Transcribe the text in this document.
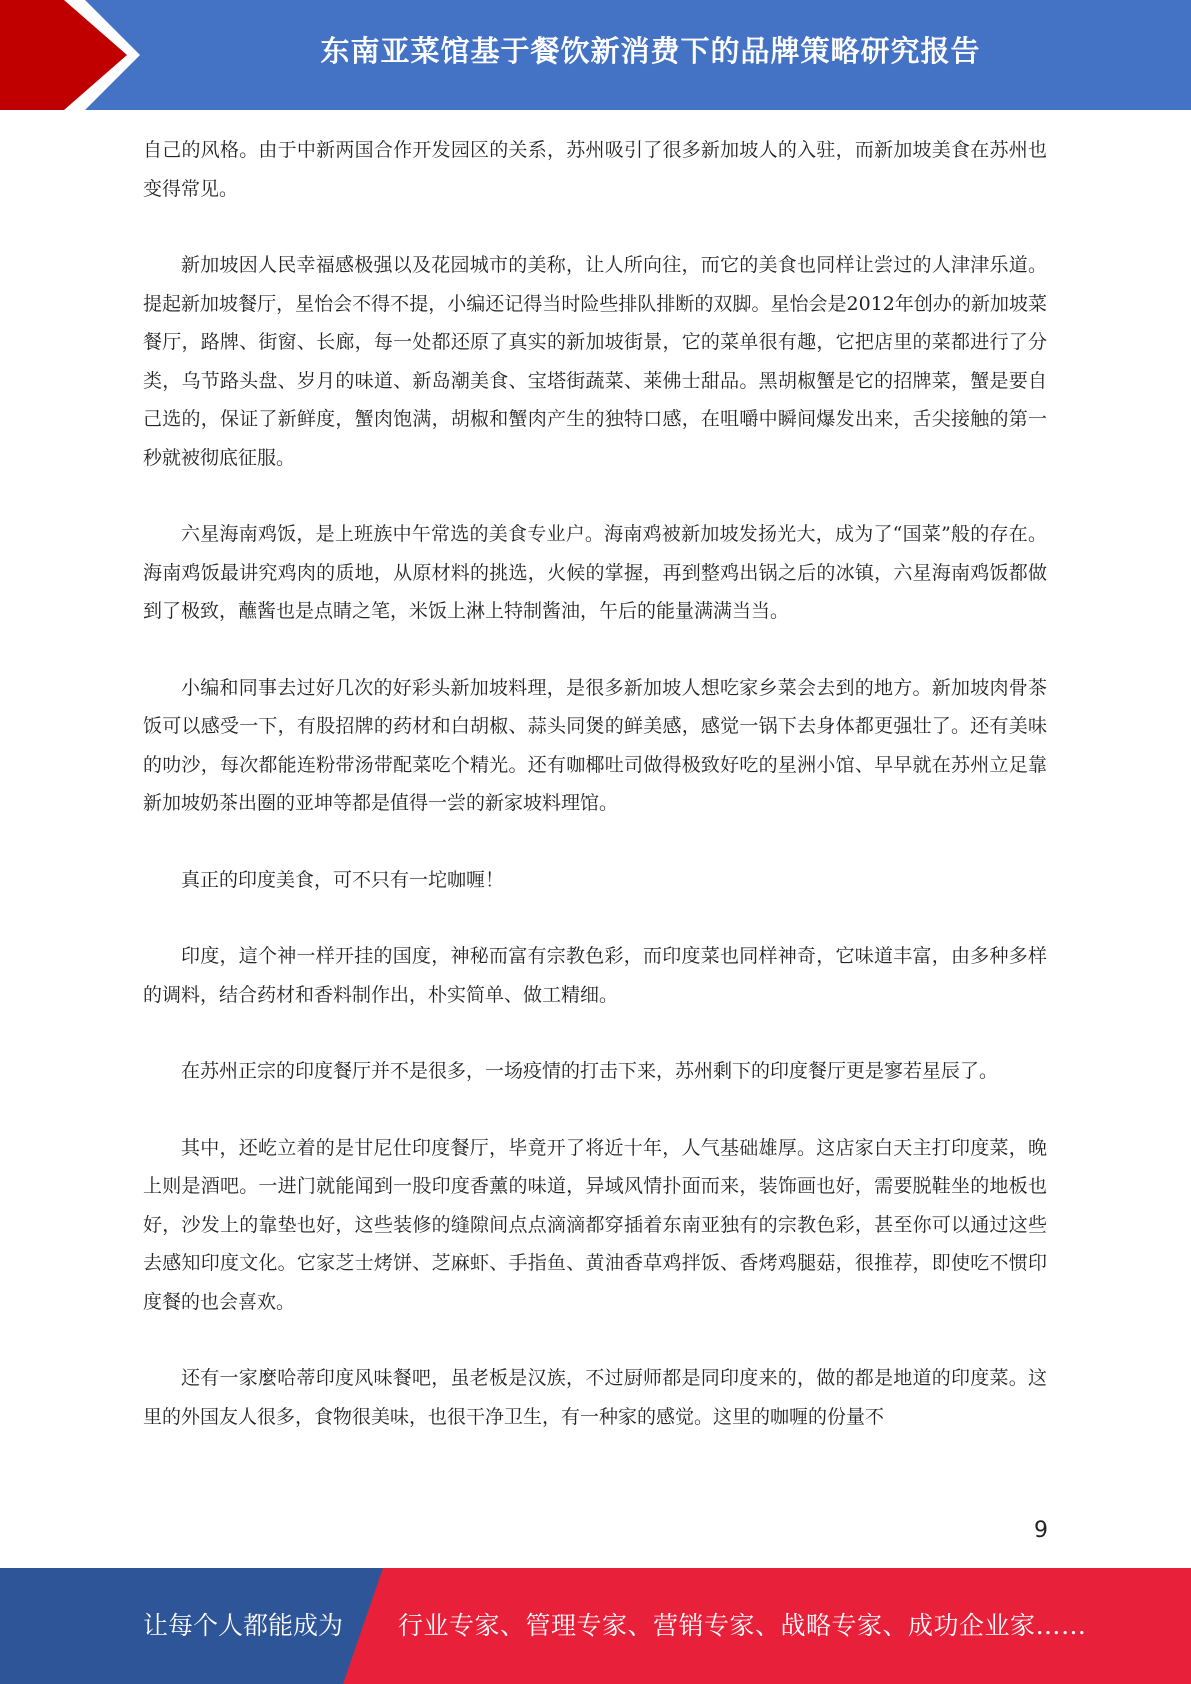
东南亚菜馆基于餐饮新消费下的品牌策略研究报告

自己的风格。由于中新两国合作开发园区的关系，苏州吸引了很多新加坡人的入驻，而新加坡美食在苏州也变得常见。

新加坡因人民幸福感极强以及花园城市的美称，让人所向往，而它的美食也同样让尝过的人津津乐道。提起新加坡餐厅，星怡会不得不提，小编还记得当时险些排队排断的双脚。星怡会是2012年创办的新加坡菜餐厅，路牌、街窗、长廊，每一处都还原了真实的新加坡街景，它的菜单很有趣，它把店里的菜都进行了分类，乌节路头盘、岁月的味道、新岛潮美食、宝塔街蔬菜、莱佛士甜品。黑胡椒蟹是它的招牌菜，蟹是要自己选的，保证了新鲜度，蟹肉饱满，胡椒和蟹肉产生的独特口感，在咀嚼中瞬间爆发出来，舌尖接触的第一秒就被彻底征服。

六星海南鸡饭，是上班族中午常选的美食专业户。海南鸡被新加坡发扬光大，成为了“国菜”般的存在。海南鸡饭最讲究鸡肉的质地，从原材料的挑选，火候的掌握，再到整鸡出锅之后的冰镇，六星海南鸡饭都做到了极致，蘸酱也是点睛之笔，米饭上淋上特制酱油，午后的能量满满当当。

小编和同事去过好几次的好彩头新加坡料理，是很多新加坡人想吃家乡菜会去到的地方。新加坡肉骨茶饭可以感受一下，有股招牌的药材和白胡椒、蒜头同煲的鲜美感，感觉一锅下去身体都更强壮了。还有美味的叻沙，每次都能连粉带汤带配菜吃个精光。还有咖椰吐司做得极致好吃的星洲小馆、早早就在苏州立足靠新加坡奶茶出圈的亚坤等都是值得一尝的新家坡料理馆。

真正的印度美食，可不只有一坨咖喱！

印度，這个神一样开挂的国度，神秘而富有宗教色彩，而印度菜也同样神奇，它味道丰富，由多种多样的调料，结合药材和香料制作出，朴实简单、做工精细。

在苏州正宗的印度餐厅并不是很多，一场疫情的打击下来，苏州剩下的印度餐厅更是寥若星辰了。

其中，还屹立着的是甘尼仕印度餐厅，毕竟开了将近十年，人气基础雄厚。这店家白天主打印度菜，晚上则是酒吧。一进门就能闻到一股印度香薰的味道，异域风情扑面而来，装饰画也好，需要脱鞋坐的地板也好，沙发上的靠垫也好，这些装修的缝隙间点点滴滴都穿插着东南亚独有的宗教色彩，甚至你可以通过这些去感知印度文化。它家芝士烤饼、芝麻虾、手指鱼、黄油香草鸡拌饭、香烤鸡腿菇，很推荐，即使吃不惯印度餐的也会喜欢。

还有一家麼哈蒂印度风味餐吧，虽老板是汉族，不过厨师都是同印度来的，做的都是地道的印度菜。这里的外国友人很多，食物很美味，也很干净卫生，有一种家的感觉。这里的咖喱的份量不

9
让每个人都能成为 行业专家、管理专家、营销专家、战略专家、成功企业家……
